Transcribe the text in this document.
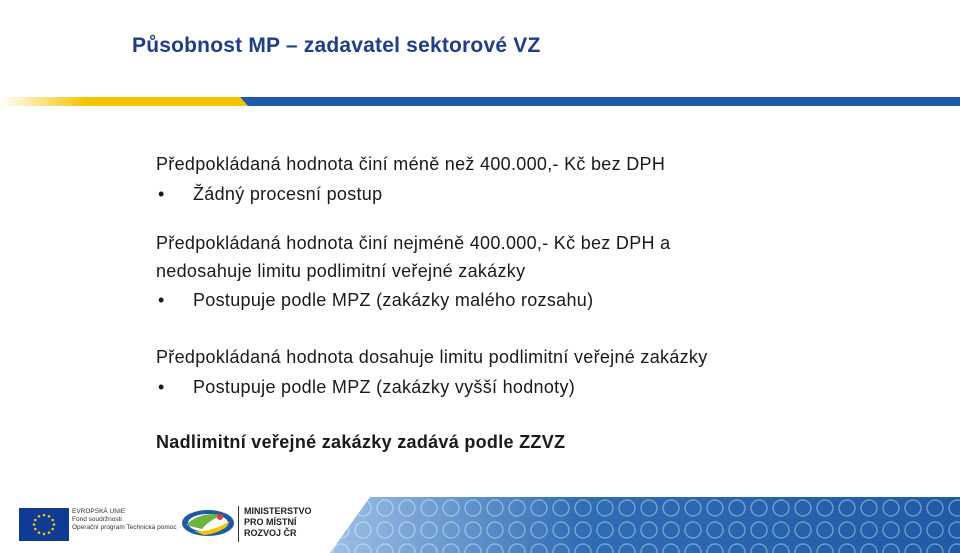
Působnost MP – zadavatel sektorové VZ

Předpokládaná hodnota činí méně než 400.000,- Kč bez DPH

•	Žádný procesní postup

Předpokládaná hodnota činí nejméně 400.000,- Kč bez DPH a

nedosahuje limitu podlimitní veřejné zakázky

•	Postupuje podle MPZ (zakázky malého rozsahu)

Předpokládaná hodnota dosahuje limitu podlimitní veřejné zakázky

•	Postupuje podle MPZ (zakázky vyšší hodnoty)

Nadlimitní veřejné zakázky zadává podle ZZVZ

EVROPSKÁ UNIE
Fond soudržnosti
Operační program Technická pomoc
MINISTERSTVO
PRO MÍSTNÍ
ROZVOJ ČR
